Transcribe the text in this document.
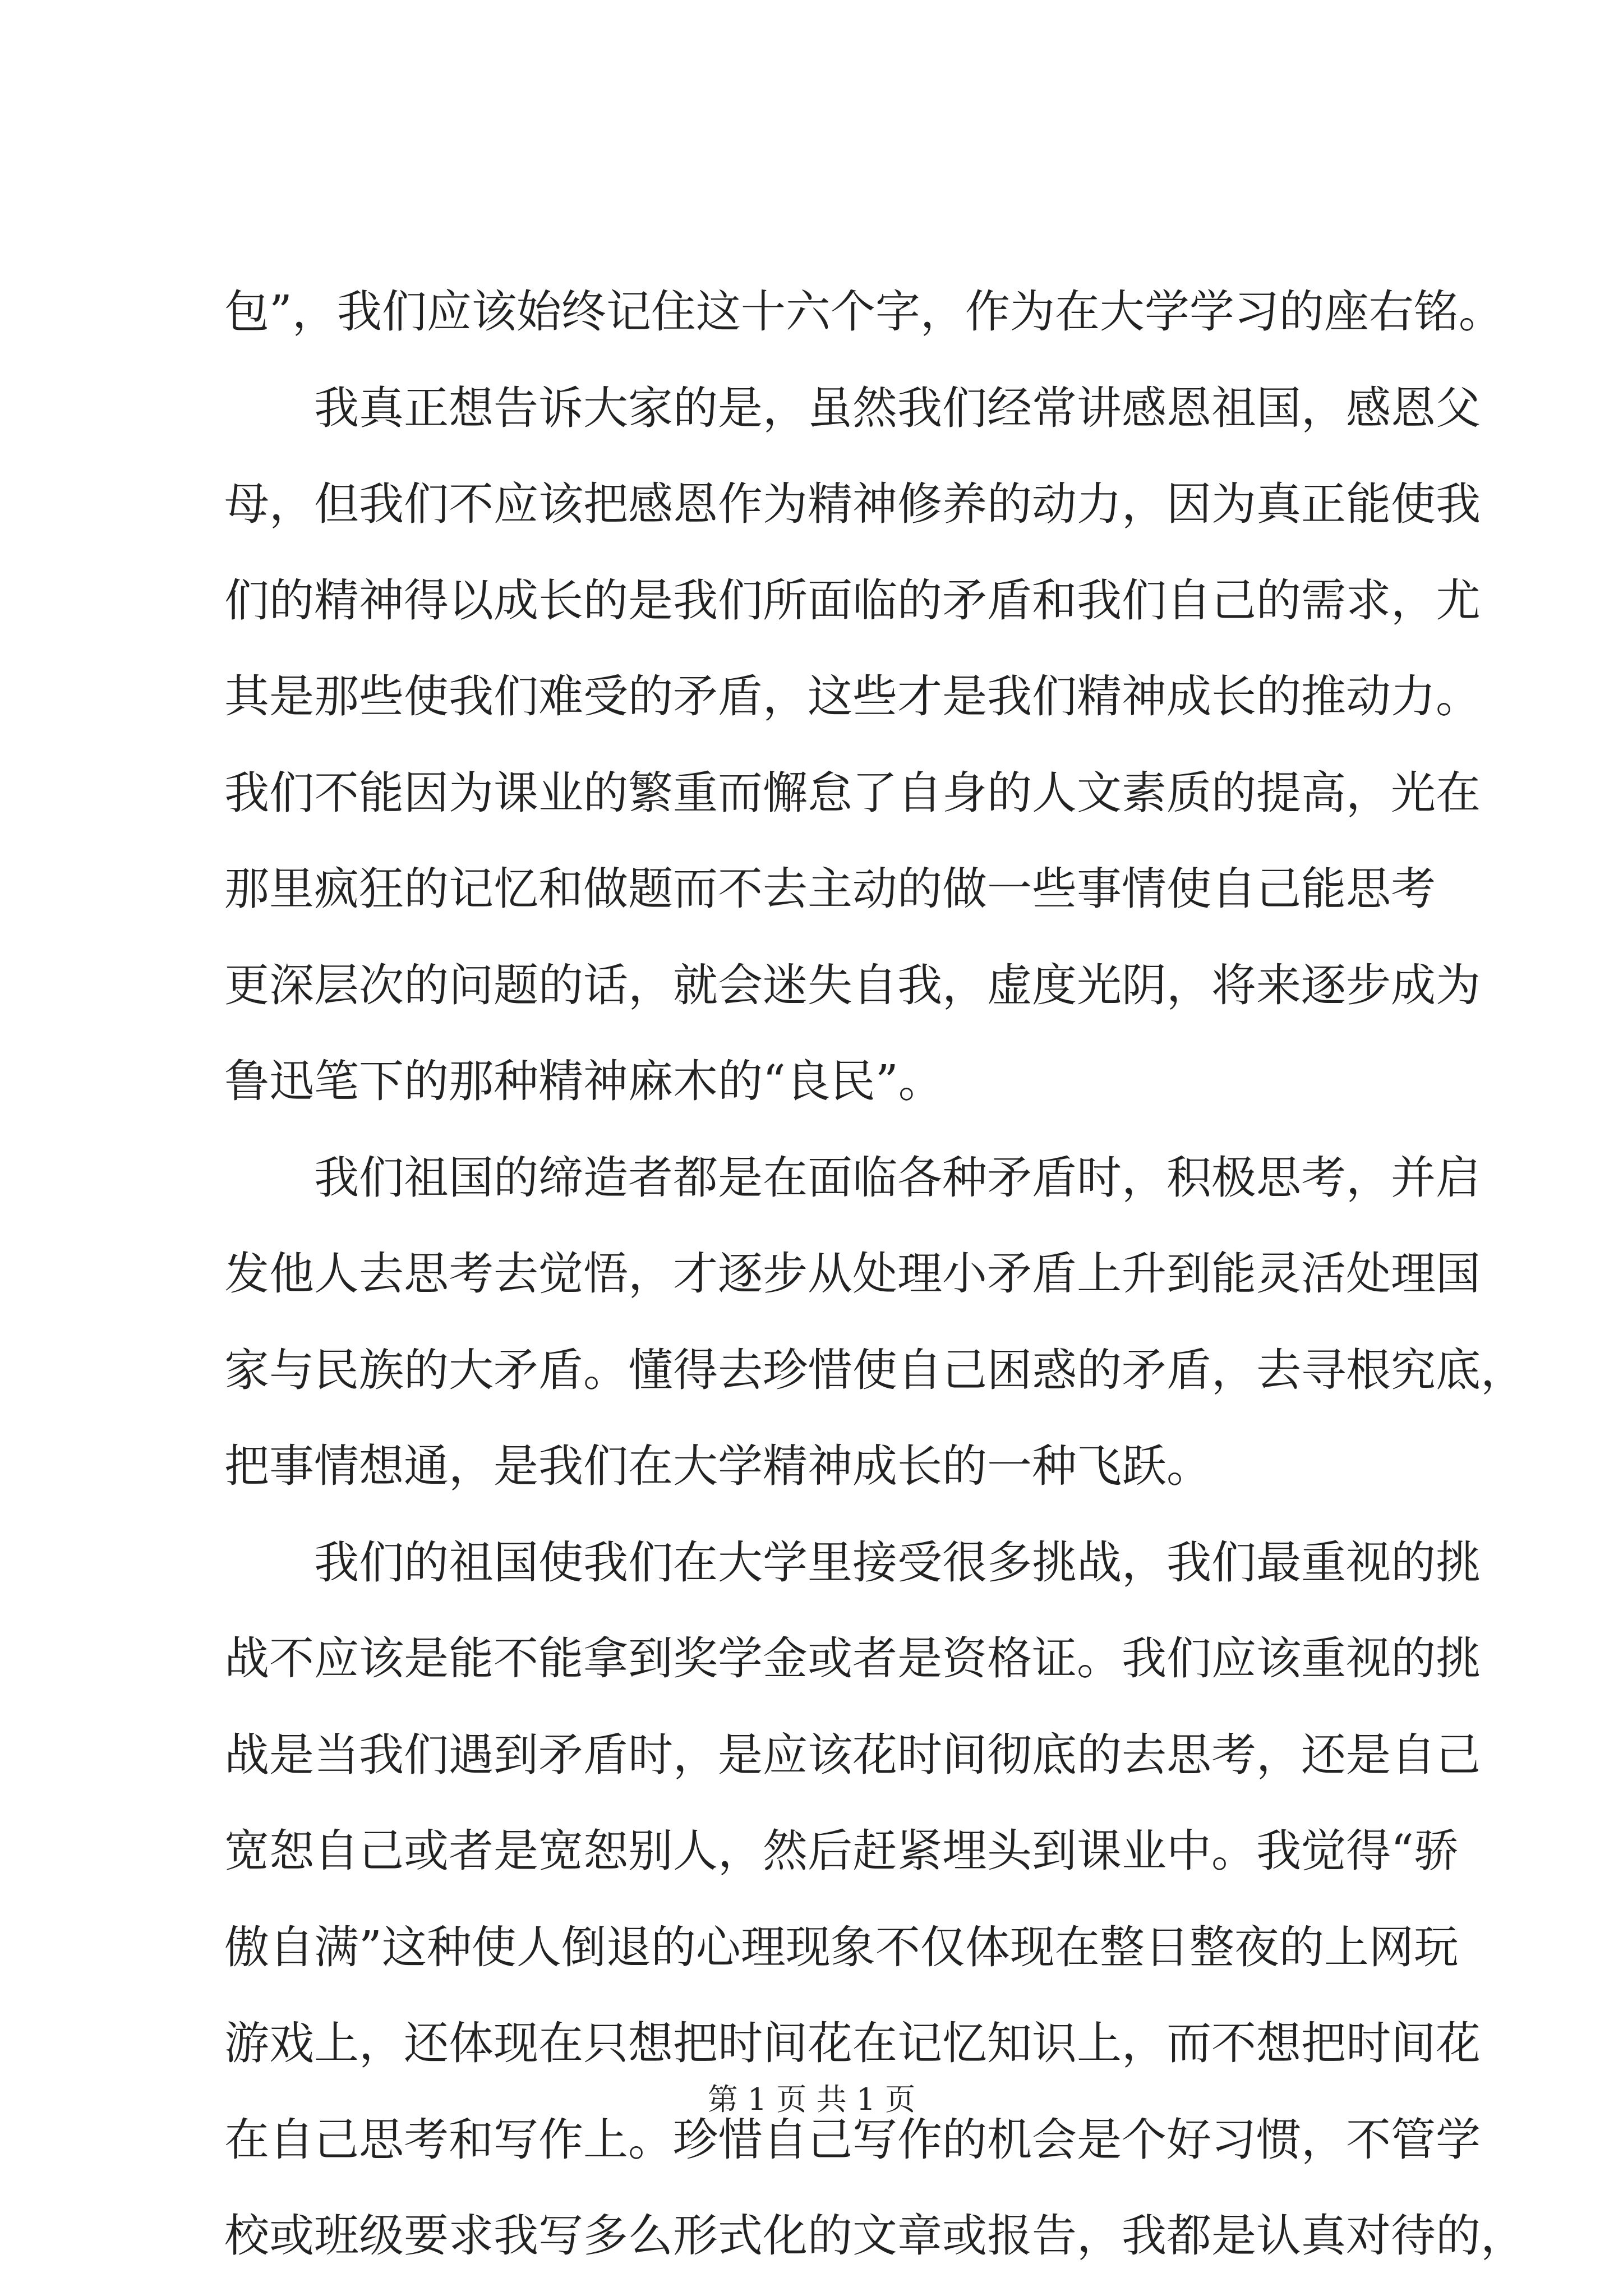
包”，我们应该始终记住这十六个字，作为在大学学习的座右铭。
我真正想告诉大家的是，虽然我们经常讲感恩祖国，感恩父
母，但我们不应该把感恩作为精神修养的动力，因为真正能使我
们的精神得以成长的是我们所面临的矛盾和我们自己的需求，尤
其是那些使我们难受的矛盾，这些才是我们精神成长的推动力。
我们不能因为课业的繁重而懈怠了自身的人文素质的提高，光在
那里疯狂的记忆和做题而不去主动的做一些事情使自己能思考
更深层次的问题的话，就会迷失自我，虚度光阴，将来逐步成为
鲁迅笔下的那种精神麻木的“良民”。
我们祖国的缔造者都是在面临各种矛盾时，积极思考，并启
发他人去思考去觉悟，才逐步从处理小矛盾上升到能灵活处理国
家与民族的大矛盾。懂得去珍惜使自己困惑的矛盾，去寻根究底，
把事情想通，是我们在大学精神成长的一种飞跃。
我们的祖国使我们在大学里接受很多挑战，我们最重视的挑
战不应该是能不能拿到奖学金或者是资格证。我们应该重视的挑
战是当我们遇到矛盾时，是应该花时间彻底的去思考，还是自己
宽恕自己或者是宽恕别人，然后赶紧埋头到课业中。我觉得“骄
傲自满”这种使人倒退的心理现象不仅体现在整日整夜的上网玩
游戏上，还体现在只想把时间花在记忆知识上，而不想把时间花
在自己思考和写作上。珍惜自己写作的机会是个好习惯，不管学
校或班级要求我写多么形式化的文章或报告，我都是认真对待的，
第 1 页 共 1 页
